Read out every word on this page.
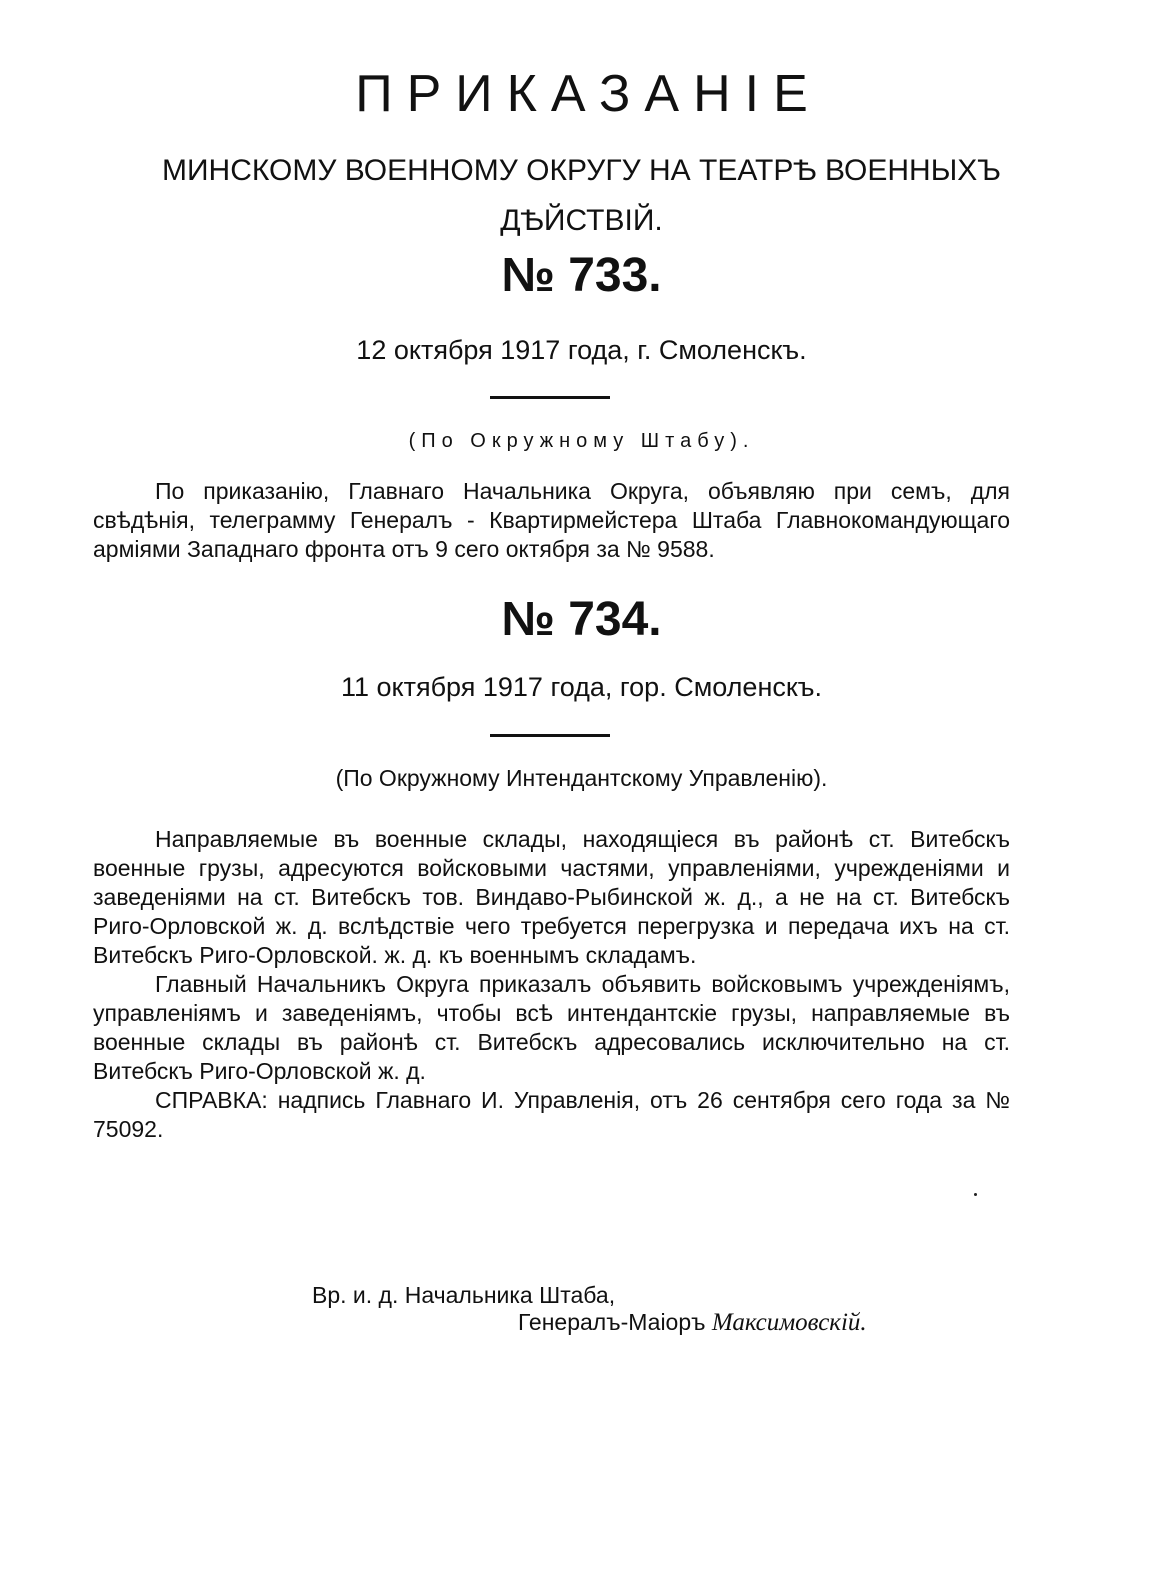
ПРИКАЗАНІЕ
МИНСКОМУ ВОЕННОМУ ОКРУГУ НА ТЕАТРѢ ВОЕННЫХЪ ДѢЙСТВІЙ.
№ 733.
12 октября 1917 года, г. Смоленскъ.
(По Окружному Штабу).

По приказанію, Главнаго Начальника Округа, объявляю при семъ, для свѣдѣнія, телеграмму Генералъ - Квартирмейстера Штаба Главнокомандующаго арміями Западнаго фронта отъ 9 сего октября за № 9588.

№ 734.
11 октября 1917 года, гор. Смоленскъ.
(По Окружному Интендантскому Управленію).

Направляемые въ военные склады, находящіеся въ районѣ ст. Витебскъ военные грузы, адресуются войсковыми частями, управленіями, учрежденіями и заведеніями на ст. Витебскъ тов. Виндаво-Рыбинской ж. д., а не на ст. Витебскъ Риго-Орловской ж. д. вслѣдствіе чего требуется перегрузка и передача ихъ на ст. Витебскъ Риго-Орловской. ж. д. къ военнымъ складамъ.

Главный Начальникъ Округа приказалъ объявить войсковымъ учрежденіямъ, управленіямъ и заведеніямъ, чтобы всѣ интендантскіе грузы, направляемые въ военные склады въ районѣ ст. Витебскъ адресовались исключительно на ст. Витебскъ Риго-Орловской ж. д.

СПРАВКА: надпись Главнаго И. Управленія, отъ 26 сентября сего года за № 75092.

Вр. и. д. Начальника Штаба,
Генералъ-Маіоръ Максимовскій.
